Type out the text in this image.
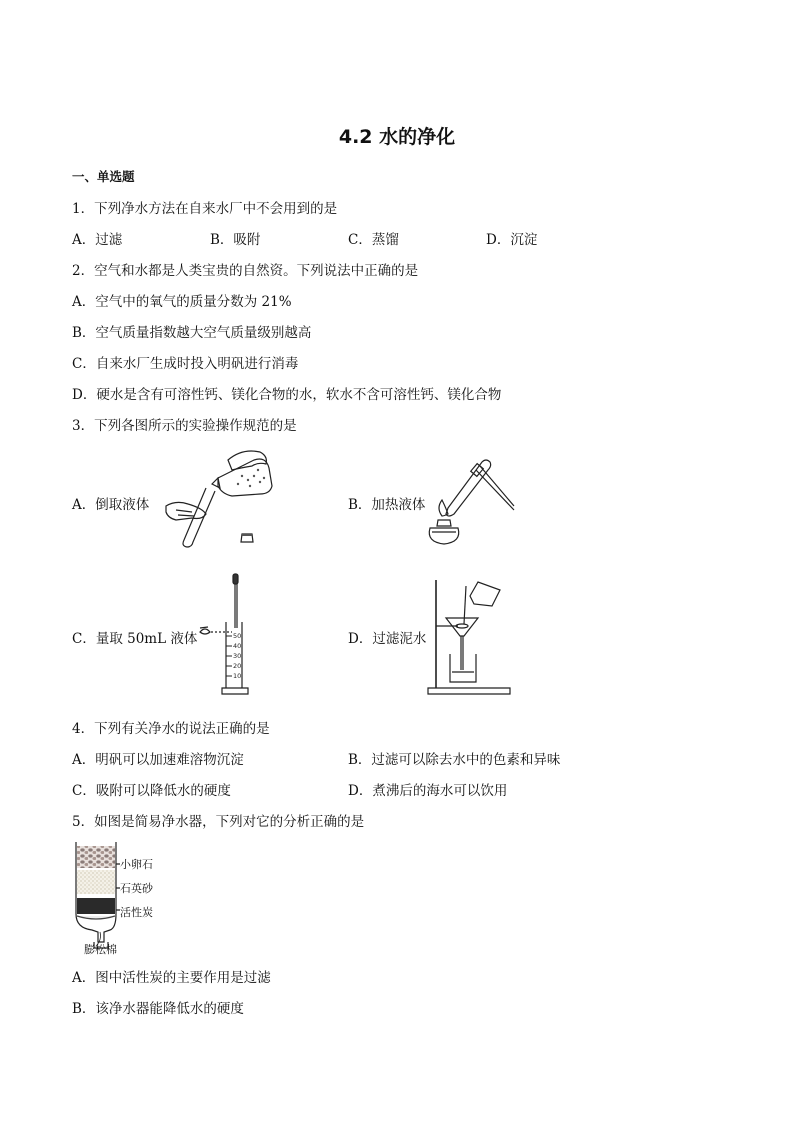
4.2 水的净化
一、单选题
1．下列净水方法在自来水厂中不会用到的是
A．过滤	B．吸附	C．蒸馏	D．沉淀
2．空气和水都是人类宝贵的自然资。下列说法中正确的是
A．空气中的氧气的质量分数为 21%
B．空气质量指数越大空气质量级别越高
C．自来水厂生成时投入明矾进行消毒
D．硬水是含有可溶性钙、镁化合物的水，软水不含可溶性钙、镁化合物
3．下列各图所示的实验操作规范的是
A．倒取液体	B．加热液体
C．量取 50mL 液体	D．过滤泥水
50
40
30
20
10
4．下列有关净水的说法正确的是
A．明矾可以加速难溶物沉淀	B．过滤可以除去水中的色素和异味
C．吸附可以降低水的硬度	D．煮沸后的海水可以饮用
5．如图是简易净水器，下列对它的分析正确的是
小卵石
石英砂
活性炭
膨松棉
A．图中活性炭的主要作用是过滤
B．该净水器能降低水的硬度
